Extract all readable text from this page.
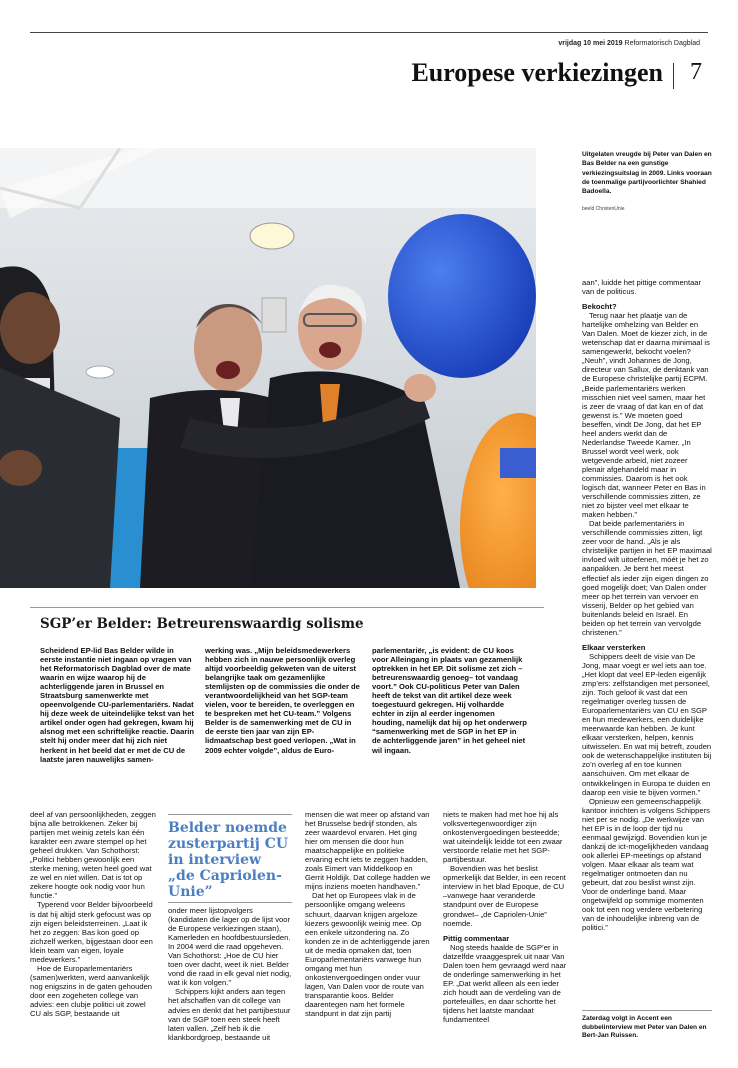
vrijdag 10 mei 2019 Reformatorisch Dagblad
Europese verkiezingen 7
Uitgelaten vreugde bij Peter van Dalen en Bas Belder na een gunstige verkiezingsuitslag in 2009. Links vooraan de toenmalige partijvoorlichter Shahied Badoella.
beeld ChristenUnie

aan”, luidde het pittige commentaar van de politicus.

Bekocht?

Terug naar het plaatje van de hartelijke omhelzing van Belder en Van Dalen. Moet de kiezer zich, in de wetenschap dat er daarna minimaal is samengewerkt, bekocht voelen? „Neuh”, vindt Johannes de Jong, directeur van Sallux, de denktank van de Europese christelijke partij ECPM. „Beide parlementariërs werken misschien niet veel samen, maar het is zeer de vraag of dat kan en of dat gewenst is.” We moeten goed beseffen, vindt De Jong, dat het EP heel anders werkt dan de Nederlandse Tweede Kamer. „In Brussel wordt veel werk, ook wetgevende arbeid, niet zozeer plenair afgehandeld maar in commissies. Daarom is het ook logisch dat, wanneer Peter en Bas in verschillende commissies zitten, ze niet zo bijster veel met elkaar te maken hebben.”

Dat beide parlementariërs in verschillende commissies zitten, ligt zeer voor de hand. „Als je als christelijke partijen in het EP maximaal invloed wilt uitoefenen, móét je het zo aanpakken. Je bent het meest effectief als ieder zijn eigen dingen zo goed mogelijk doet; Van Dalen onder meer op het terrein van vervoer en visserij, Belder op het gebied van buitenlands beleid en Israël. En beiden op het terrein van vervolgde christenen.”

Elkaar versterken

Schippers deelt de visie van De Jong, maar voegt er wel iets aan toe. „Het klopt dat veel EP-leden eigenlijk zmp’ers: zelfstandigen met personeel, zijn. Toch geloof ik vast dat een regelmatiger overleg tussen de Europarlementariërs van CU en SGP en hun medewerkers, een duidelijke meerwaarde kan hebben. Je kunt elkaar versterken, helpen, kennis uitwisselen. En wat mij betreft, zouden ook de wetenschappelijke instituten bij zo’n overleg af en toe kunnen aanschuiven. Om met elkaar de ontwikkelingen in Europa te duiden en daarop een visie te bijven vormen.”

Opnieuw een gemeenschappelijk kantoor inrichten is volgens Schippers niet per se nodig. „De werkwijze van het EP is in de loop der tijd nu eenmaal gewijzigd. Bovendien kun je dankzij de ict-mogelijkheden vandaag ook allerlei EP-meetings op afstand volgen. Maar elkaar als team wat regelmatiger ontmoeten dan nu gebeurt, dat zou beslist winst zijn. Voor de onderlinge band. Maar ongetwijfeld op sommige momenten ook tot een nog verdere verbetering van de inhoudelijke inbreng van de politici.”

Zaterdag volgt in Accent een dubbelinterview met Peter van Dalen en Bert-Jan Ruissen.
SGP’er Belder: Betreurenswaardig solisme
Scheidend EP-lid Bas Belder wilde in eerste instantie niet ingaan op vragen van het Reformatorisch Dagblad over de mate waarin en wijze waarop hij de achterliggende jaren in Brussel en Straatsburg samenwerkte met opeenvolgende CU-parlementariërs. Nadat hij deze week de uiteindelijke tekst van het artikel onder ogen had gekregen, kwam hij alsnog met een schriftelijke reactie. Daarin stelt hij onder meer dat hij zich niet herkent in het beeld dat er met de CU de laatste jaren nauwelijks samen-
werking was. „Mijn beleidsmedewerkers hebben zich in nauwe persoonlijk overleg altijd voorbeeldig gekweten van de uiterst belangrijke taak om gezamenlijke stemlijsten op de commissies die onder de verantwoordelijkheid van het SGP-team vielen, voor te bereiden, te overleggen en te bespreken met het CU-team.” Volgens Belder is de samenwerking met de CU in de eerste tien jaar van zijn EP-lidmaatschap best goed verlopen. „Wat in 2009 echter volgde”, aldus de Euro-
parlementariër, „is evident: de CU koos voor Alleingang in plaats van gezamenlijk optrekken in het EP. Dit solisme zet zich –betreurenswaardig genoeg– tot vandaag voort.” Ook CU-politicus Peter van Dalen heeft de tekst van dit artikel deze week toegestuurd gekregen. Hij volhardde echter in zijn al eerder ingenomen houding, namelijk dat hij op het onderwerp “samenwerking met de SGP in het EP in de achterliggende jaren” in het geheel niet wil ingaan.

deel af van persoonlijkheden, zeggen bijna alle betrokkenen. Zeker bij partijen met weinig zetels kan één karakter een zware stempel op het geheel drukken. Van Schothorst: „Politici hebben gewoonlijk een sterke mening, weten heel goed wat ze wel en niet willen. Dat is tot op zekere hoogte ook nodig voor hun functie.”

Typerend voor Belder bijvoorbeeld is dat hij altijd sterk gefocust was op zijn eigen beleidsterreinen. „Laat ik het zo zeggen: Bas kon goed op zichzelf werken, bijgestaan door een klein team van eigen, loyale medewerkers.”

Hoe de Europarlementariërs (samen)werkten, werd aanvankelijk nog enigszins in de gaten gehouden door een zogeheten college van advies: een clubje politici uit zowel CU als SGP, bestaande uit

Belder noemde zusterpartij CU in interview „de Capriolen-Unie”

onder meer lijstopvolgers (kandidaten die lager op de lijst voor de Europese verkiezingen staan), Kamerleden en hoofdbestuursleden. In 2004 werd die raad opgeheven. Van Schothorst: „Hoe de CU hier toen over dacht, weet ik niet. Belder vond die raad in elk geval niet nodig, wat ik kon volgen.”

Schippers kijkt anders aan tegen het afschaffen van dit college van advies en denkt dat het partijbestuur van de SGP toen een steek heeft laten vallen. „Zelf heb ik die klankbordgroep, bestaande uit

mensen die wat meer op afstand van het Brusselse bedrijf stonden, als zeer waardevol ervaren. Het ging hier om mensen die door hun maatschappelijke en politieke ervaring echt iets te zeggen hadden, zoals Eimert van Middelkoop en Gerrit Holdijk. Dat college hadden we mijns inziens moeten handhaven.”

Dat het op Europees vlak in de persoonlijke omgang weleens schuurt, daarvan krijgen argeloze kiezers gewoonlijk weinig mee. Op een enkele uitzondering na. Zo konden ze in de achterliggende jaren uit de media opmaken dat, toen Europarlementariërs vanwege hun omgang met hun onkostenvergoedingen onder vuur lagen, Van Dalen voor de route van transparantie koos. Belder daarentegen nam het formele standpunt in dat zijn partij

niets te maken had met hoe hij als volksvertegenwoordiger zijn onkostenvergoedingen besteedde; wat uiteindelijk leidde tot een zwaar verstoorde relatie met het SGP-partijbestuur.

Bovendien was het beslist opmerkelijk dat Belder, in een recent interview in het blad Epoque, de CU –vanwege haar veranderde standpunt over de Europese grondwet– „de Capriolen-Unie” noemde.

Pittig commentaar

Nog steeds haalde de SGP’er in datzelfde vraaggesprek uit naar Van Dalen toen hem gevraagd werd naar de onderlinge samenwerking in het EP. „Dat werkt alleen als een ieder zich houdt aan de verdeling van de portefeuilles, en daar schortte het tijdens het laatste mandaat fundamenteel
